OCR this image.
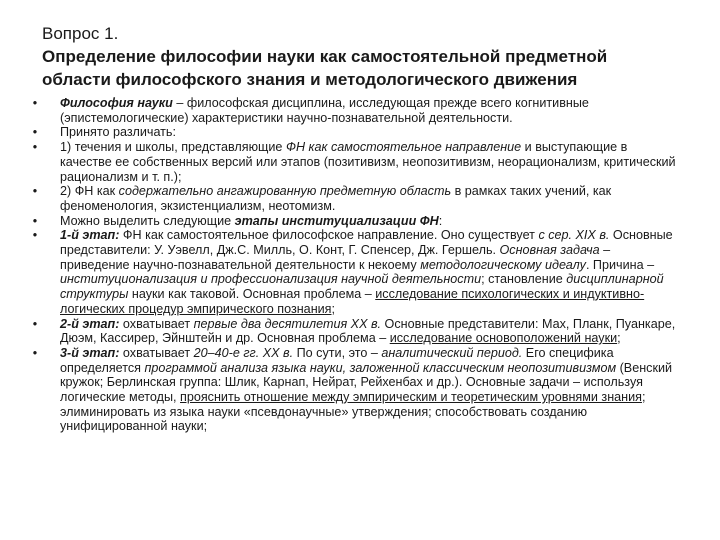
Вопрос 1.
Определение философии науки как самостоятельной предметной
области философского знания и методологического движения
• Философия науки – философская дисциплина, исследующая прежде всего когнитивные (эпистемологические) характеристики научно-познавательной деятельности.
• Принято различать:
• 1) течения и школы, представляющие ФН как самостоятельное направление и выступающие в качестве ее собственных версий или этапов (позитивизм, неопозитивизм, неорационализм, критический рационализм и т. п.);
• 2) ФН как содержательно ангажированную предметную область в рамках таких учений, как феноменология, экзистенциализм, неотомизм.
• Можно выделить следующие этапы институциализации ФН:
• 1-й этап: ФН как самостоятельное философское направление. Оно существует с сер. XIX в. Основные представители: У. Уэвелл, Дж.С. Милль, О. Конт, Г. Спенсер, Дж. Гершель. Основная задача – приведение научно-познавательной деятельности к некоему методологическому идеалу. Причина – институционализация и профессионализация научной деятельности; становление дисциплинарной структуры науки как таковой. Основная проблема – исследование психологических и индуктивно-логических процедур эмпирического познания;
• 2-й этап: охватывает первые два десятилетия XX в. Основные представители: Мах, Планк, Пуанкаре, Дюэм, Кассирер, Эйнштейн и др. Основная проблема – исследование основоположений науки;
• 3-й этап: охватывает 20–40-е гг. XX в. По сути, это – аналитический период. Его специфика определяется программой анализа языка науки, заложенной классическим неопозитивизмом (Венский кружок; Берлинская группа: Шлик, Карнап, Нейрат, Рейхенбах и др.). Основные задачи – используя логические методы, прояснить отношение между эмпирическим и теоретическим уровнями знания; элиминировать из языка науки «псевдонаучные» утверждения; способствовать созданию унифицированной науки;
